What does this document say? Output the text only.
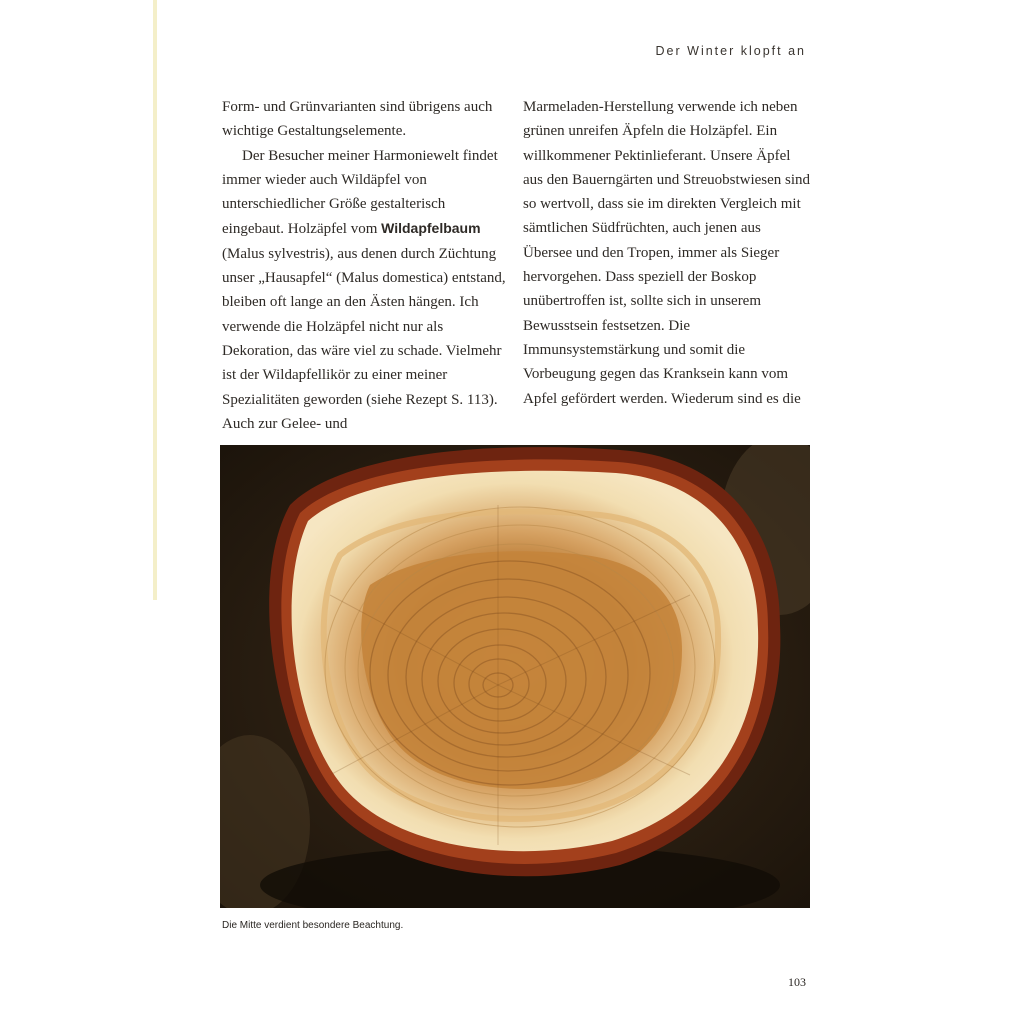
Der Winter klopft an

Form- und Grünvarianten sind übrigens auch wichtige Gestaltungselemente.

Der Besucher meiner Harmoniewelt findet immer wieder auch Wildäpfel von unterschiedlicher Größe gestalterisch eingebaut. Holzäpfel vom Wildapfelbaum (Malus sylvestris), aus denen durch Züchtung unser „Hausapfel“ (Malus domestica) entstand, bleiben oft lange an den Ästen hängen. Ich verwende die Holzäpfel nicht nur als Dekoration, das wäre viel zu schade. Vielmehr ist der Wildapfellikör zu einer meiner Spezialitäten geworden (siehe Rezept S. 113). Auch zur Gelee- und

Marmeladen-Herstellung verwende ich neben grünen unreifen Äpfeln die Holzäpfel. Ein willkommener Pektinlieferant. Unsere Äpfel aus den Bauerngärten und Streuobstwiesen sind so wertvoll, dass sie im direkten Vergleich mit sämtlichen Südfrüchten, auch jenen aus Übersee und den Tropen, immer als Sieger hervorgehen. Dass speziell der Boskop unübertroffen ist, sollte sich in unserem Bewusstsein festsetzen. Die Immunsystemstärkung und somit die Vorbeugung gegen das Kranksein kann vom Apfel gefördert werden. Wiederum sind es die

Die Mitte verdient besondere Beachtung.
103
